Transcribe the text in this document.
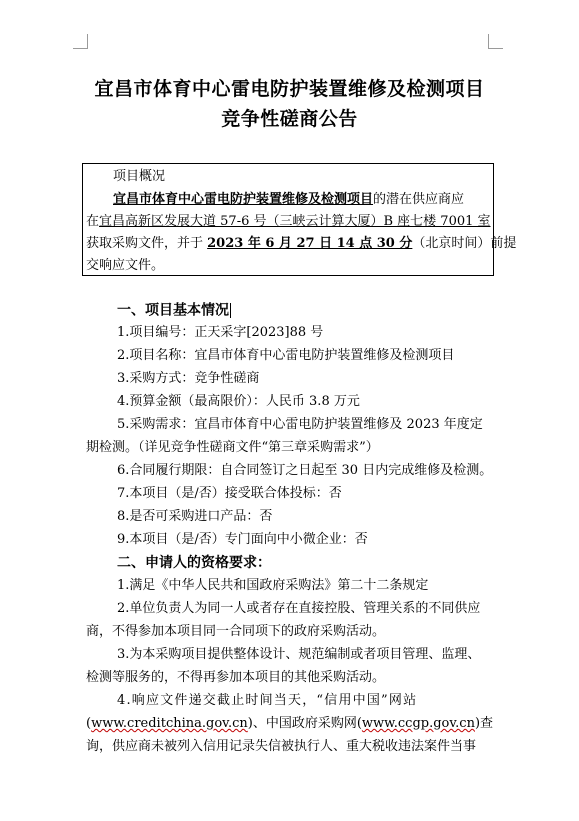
宜昌市体育中心雷电防护装置维修及检测项目
竞争性磋商公告
项目概况
宜昌市体育中心雷电防护装置维修及检测项目的潜在供应商应
在宜昌高新区发展大道 57-6 号（三峡云计算大厦）B 座七楼 7001 室
获取采购文件，并于 2023 年 6 月 27 日 14 点 30 分（北京时间）前提
交响应文件。
一、项目基本情况
1.项目编号：正天采字[2023]88 号
2.项目名称：宜昌市体育中心雷电防护装置维修及检测项目
3.采购方式：竞争性磋商
4.预算金额（最高限价）：人民币 3.8 万元
5.采购需求：宜昌市体育中心雷电防护装置维修及 2023 年度定
期检测。（详见竞争性磋商文件“第三章采购需求”）
6.合同履行期限：自合同签订之日起至 30 日内完成维修及检测。
7.本项目（是/否）接受联合体投标：否
8.是否可采购进口产品：否
9.本项目（是/否）专门面向中小微企业：否
二、申请人的资格要求：
1.满足《中华人民共和国政府采购法》第二十二条规定
2.单位负责人为同一人或者存在直接控股、管理关系的不同供应
商，不得参加本项目同一合同项下的政府采购活动。
3.为本采购项目提供整体设计、规范编制或者项目管理、监理、
检测等服务的，不得再参加本项目的其他采购活动。
4.响应文件递交截止时间当天，“信用中国”网站
(www.creditchina.gov.cn)、中国政府采购网(www.ccgp.gov.cn)查
询，供应商未被列入信用记录失信被执行人、重大税收违法案件当事
